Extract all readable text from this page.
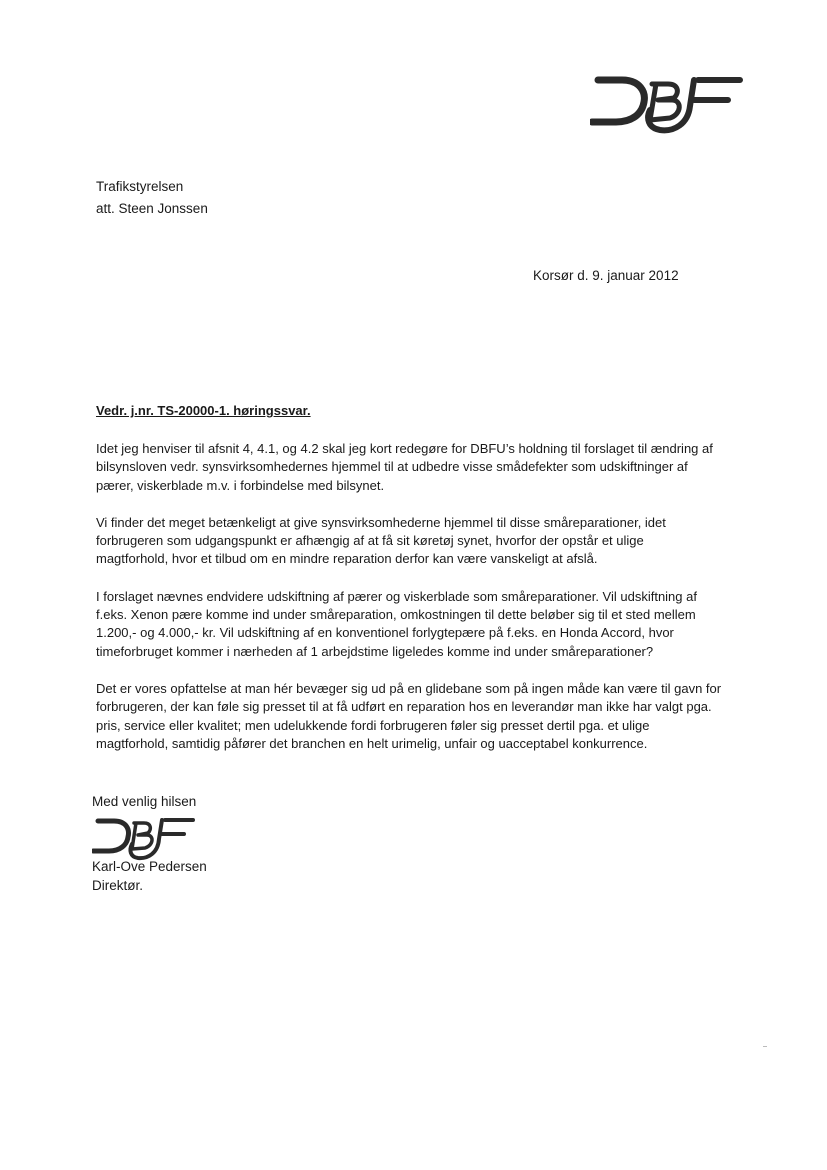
Trafikstyrelsen
att. Steen Jonssen
Korsør d. 9. januar 2012
Vedr. j.nr. TS-20000-1. høringssvar.

Idet jeg henviser til afsnit 4, 4.1, og 4.2 skal jeg kort redegøre for DBFU’s holdning til forslaget til ændring af
bilsynsloven vedr. synsvirksomhedernes hjemmel til at udbedre visse smådefekter som udskiftninger af
pærer, viskerblade m.v. i forbindelse med bilsynet.

Vi finder det meget betænkeligt at give synsvirksomhederne hjemmel til disse småreparationer, idet
forbrugeren som udgangspunkt er afhængig af at få sit køretøj synet, hvorfor der opstår et ulige
magtforhold, hvor et tilbud om en mindre reparation derfor kan være vanskeligt at afslå.

I forslaget nævnes endvidere udskiftning af pærer og viskerblade som småreparationer. Vil udskiftning af
f.eks. Xenon pære komme ind under småreparation, omkostningen til dette beløber sig til et sted mellem
1.200,- og 4.000,- kr. Vil udskiftning af en konventionel forlygtepære på f.eks. en Honda Accord, hvor
timeforbruget kommer i nærheden af 1 arbejdstime ligeledes komme ind under småreparationer?

Det er vores opfattelse at man hér bevæger sig ud på en glidebane som på ingen måde kan være til gavn for
forbrugeren, der kan føle sig presset til at få udført en reparation hos en leverandør man ikke har valgt pga.
pris, service eller kvalitet; men udelukkende fordi forbrugeren føler sig presset dertil pga. et ulige
magtforhold, samtidig påfører det branchen en helt urimelig, unfair og uacceptabel konkurrence.

Med venlig hilsen
Karl-Ove Pedersen
Direktør.
